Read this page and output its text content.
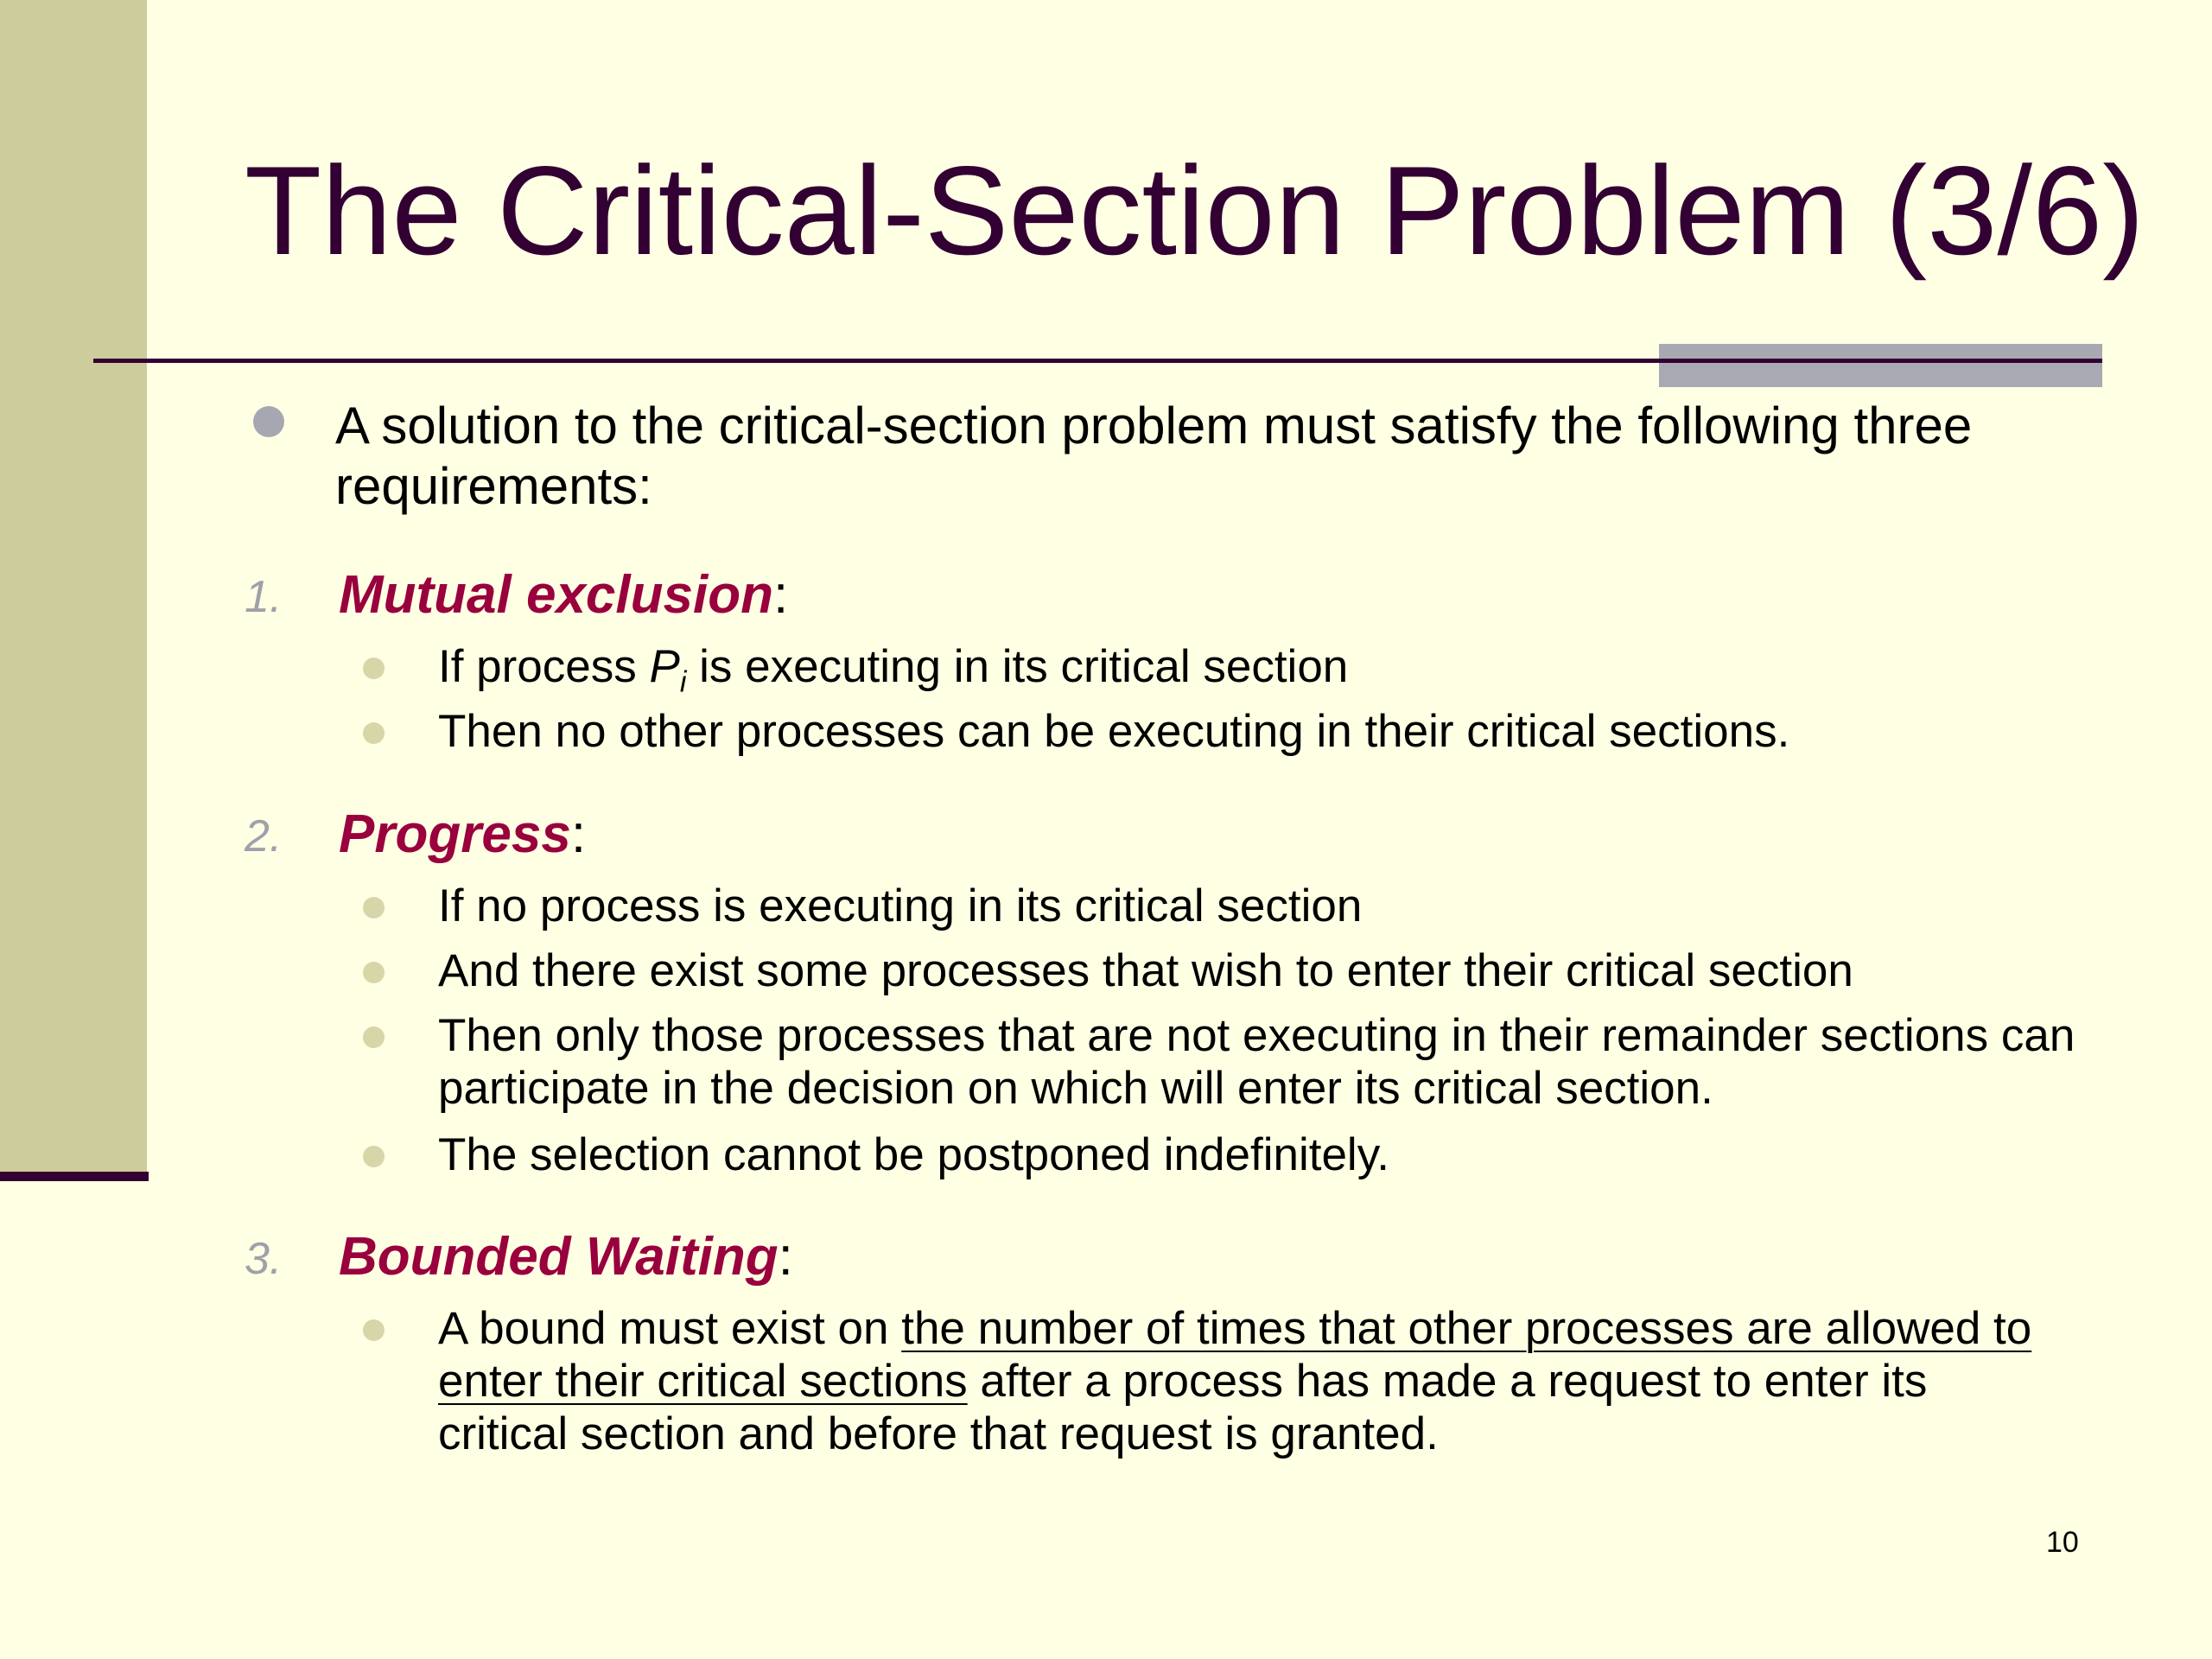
The Critical-Section Problem (3/6)

A solution to the critical-section problem must satisfy the following three requirements:

1. Mutual exclusion:

If process $P_i$ is executing in its critical section

Then no other processes can be executing in their critical sections.

2. Progress:

If no process is executing in its critical section

And there exist some processes that wish to enter their critical section

Then only those processes that are not executing in their remainder sections can participate in the decision on which will enter its critical section.

The selection cannot be postponed indefinitely.

3. Bounded Waiting:

A bound must exist on the number of times that other processes are allowed to enter their critical sections after a process has made a request to enter its critical section and before that request is granted.

10
